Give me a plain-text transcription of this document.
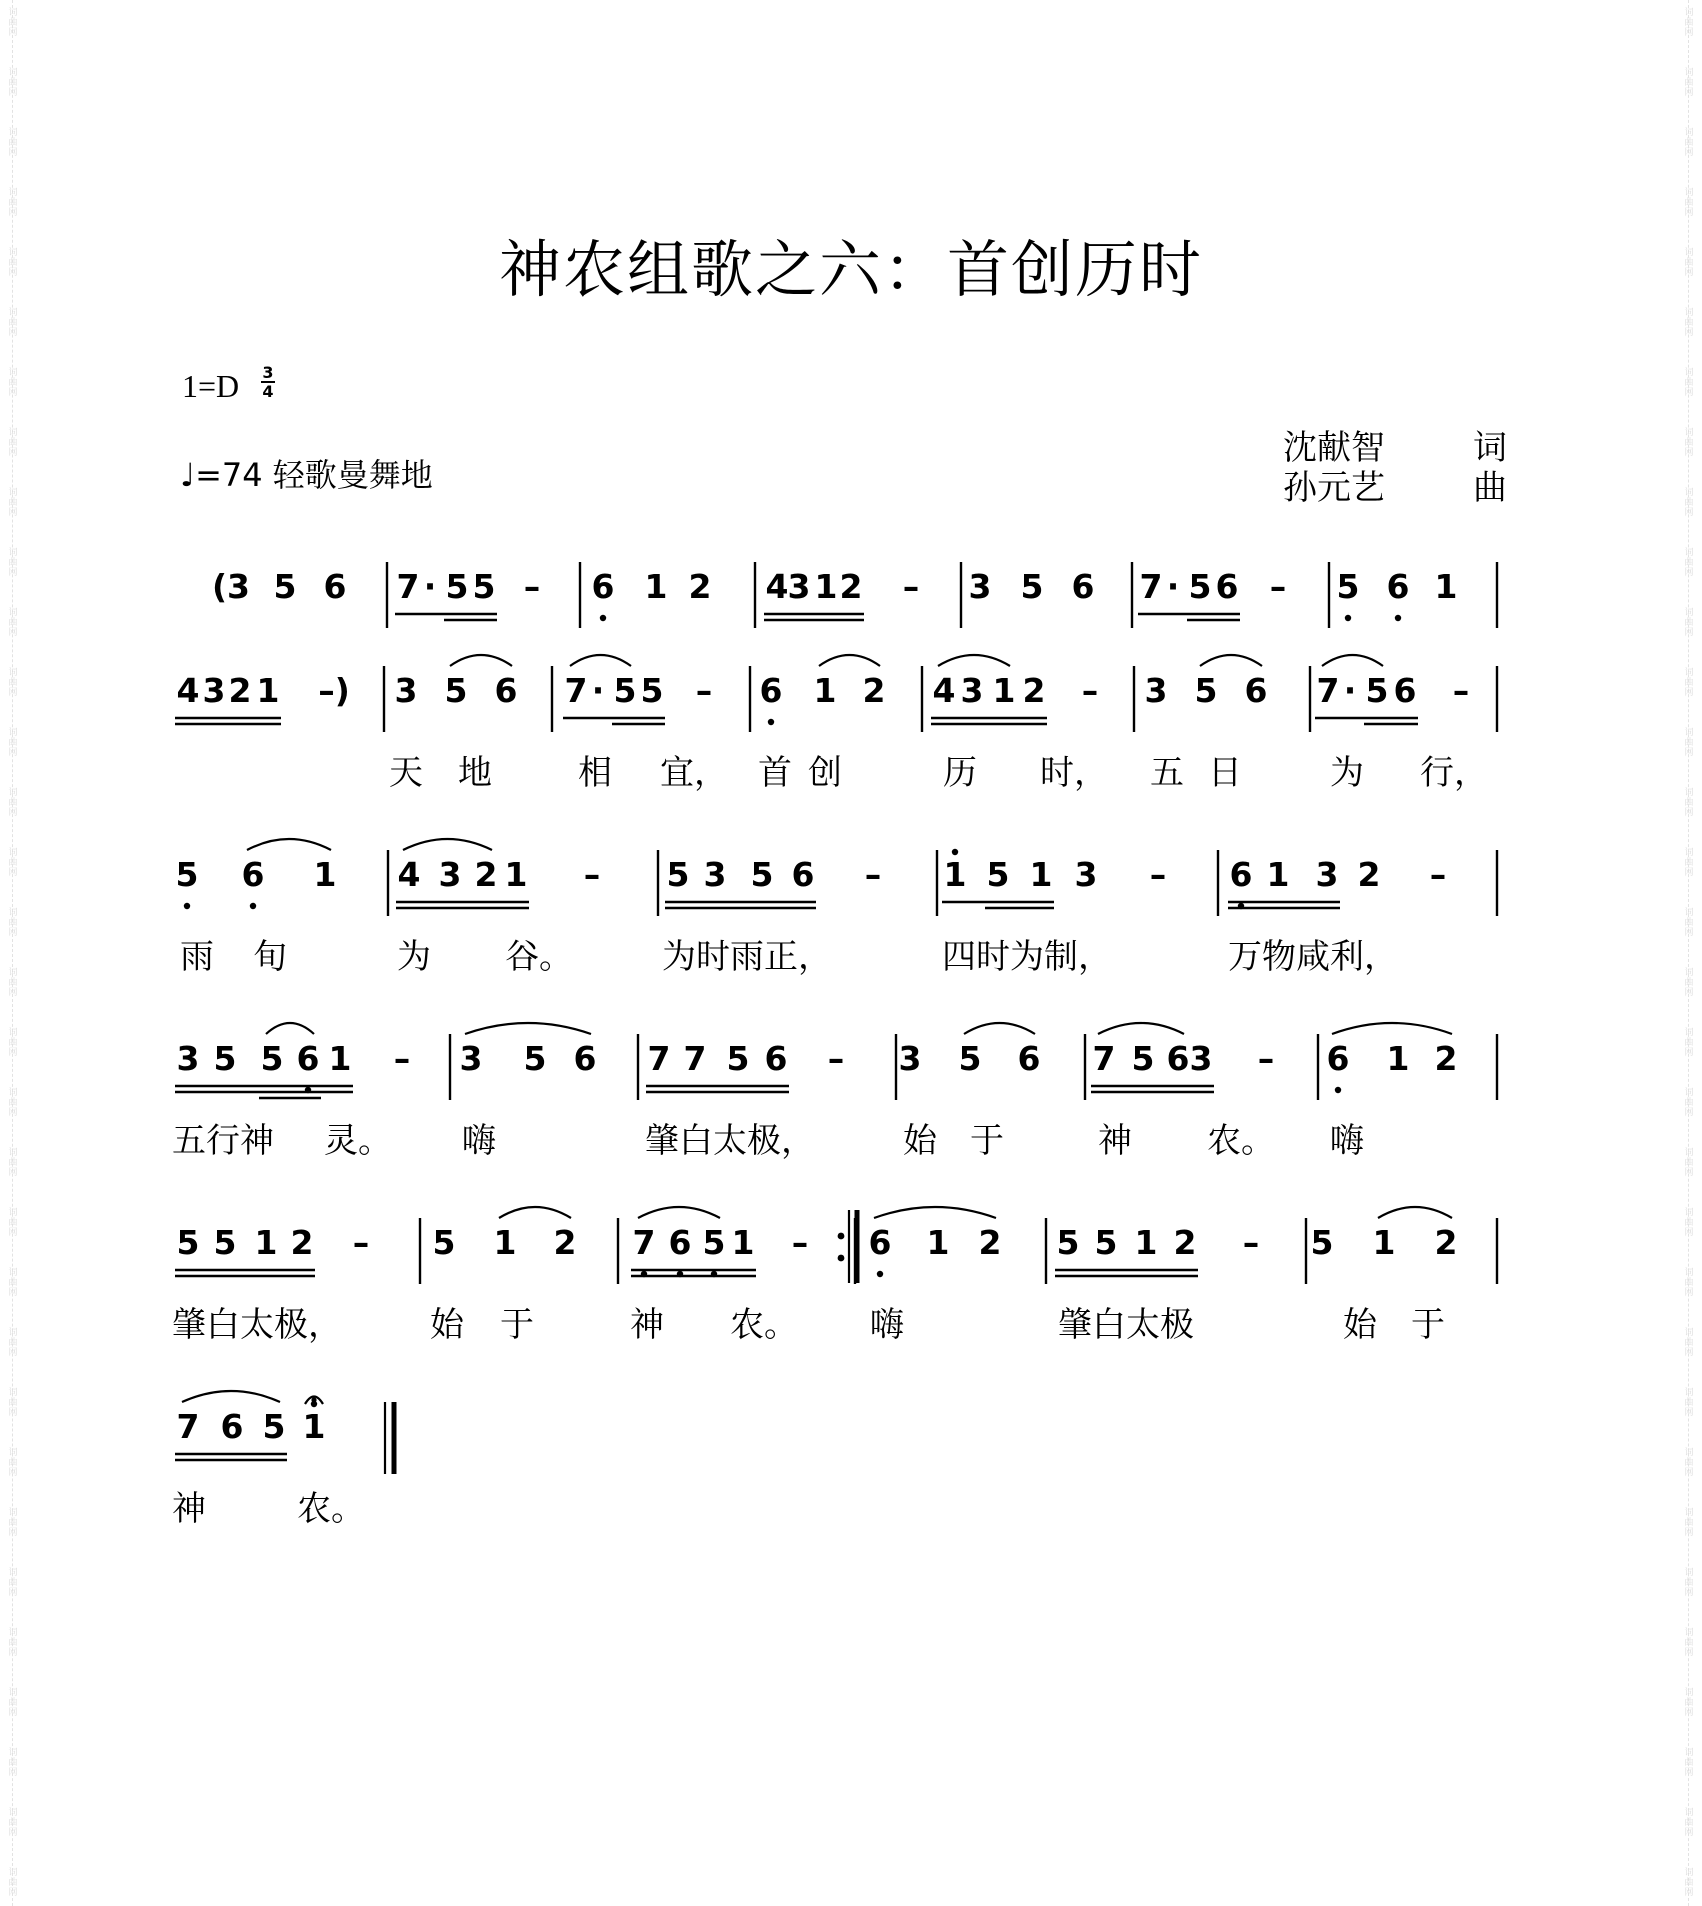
词
曲
网
词
曲
网
词
曲
网
词
曲
网
词
曲
网
词
曲
网
词
曲
网
词
曲
网
词
曲
网
词
曲
网
词
曲
网
词
曲
网
词
曲
网
词
曲
网
词
曲
网
词
曲
网
词
曲
网
词
曲
网
词
曲
网
词
曲
网
词
曲
网
词
曲
网
词
曲
网
词
曲
网
词
曲
网
词
曲
网
词
曲
网
词
曲
网
词
曲
网
词
曲
网
词
曲
网
词
曲
网
词
曲
网
词
曲
网
词
曲
网
词
曲
网
词
曲
网
词
曲
网
词
曲
网
词
曲
网
词
曲
网
词
曲
网
词
曲
网
词
曲
网
词
曲
网
词
曲
网
词
曲
网
词
曲
网
词
曲
网
词
曲
网
词
曲
网
词
曲
网
词
曲
网
词
曲
网
词
曲
网
词
曲
网
词
曲
网
词
曲
网
词
曲
网
词
曲
网
词
曲
网
词
曲
网
词
曲
网
词
曲
网
神农组歌之六：首创历时
1=D 3
4
♩=74 轻歌曼舞地
沈献智	词
孙元艺	曲
(3 5 6 7 · 5 5 – 6 1 2 4 3 1 2 – 3 5 6 7 · 5 6 – 5 6 1
4 3 2 1 –) 3 5 6 7 · 5 5 – 6 1 2 4 3 1 2 – 3 5 6 7 · 5 6 –
天 地	相 宜， 首 创	历 时， 五 日	为 行，
5 6 1 4 3 2 1 – 5 3 5 6 – 1 5 1 3 – 6 1 3 2 –
雨 旬	为 谷。	为时雨正，	四时为制，	万物咸利，
3 5 5 6 1 – 3 5 6 7 7 5 6 – 3 5 6 7 5 6 3 – 6 1 2
五行神 灵。 嗨	肇白太极，	始 于	神 农。 嗨
5 5 1 2 – 5 1 2 7 6 5 1 – 6 1 2 5 5 1 2 – 5 1 2
肇白太极，	始 于	神 农。 嗨	肇白太极	始 于
7 6 5 1
神	农。
